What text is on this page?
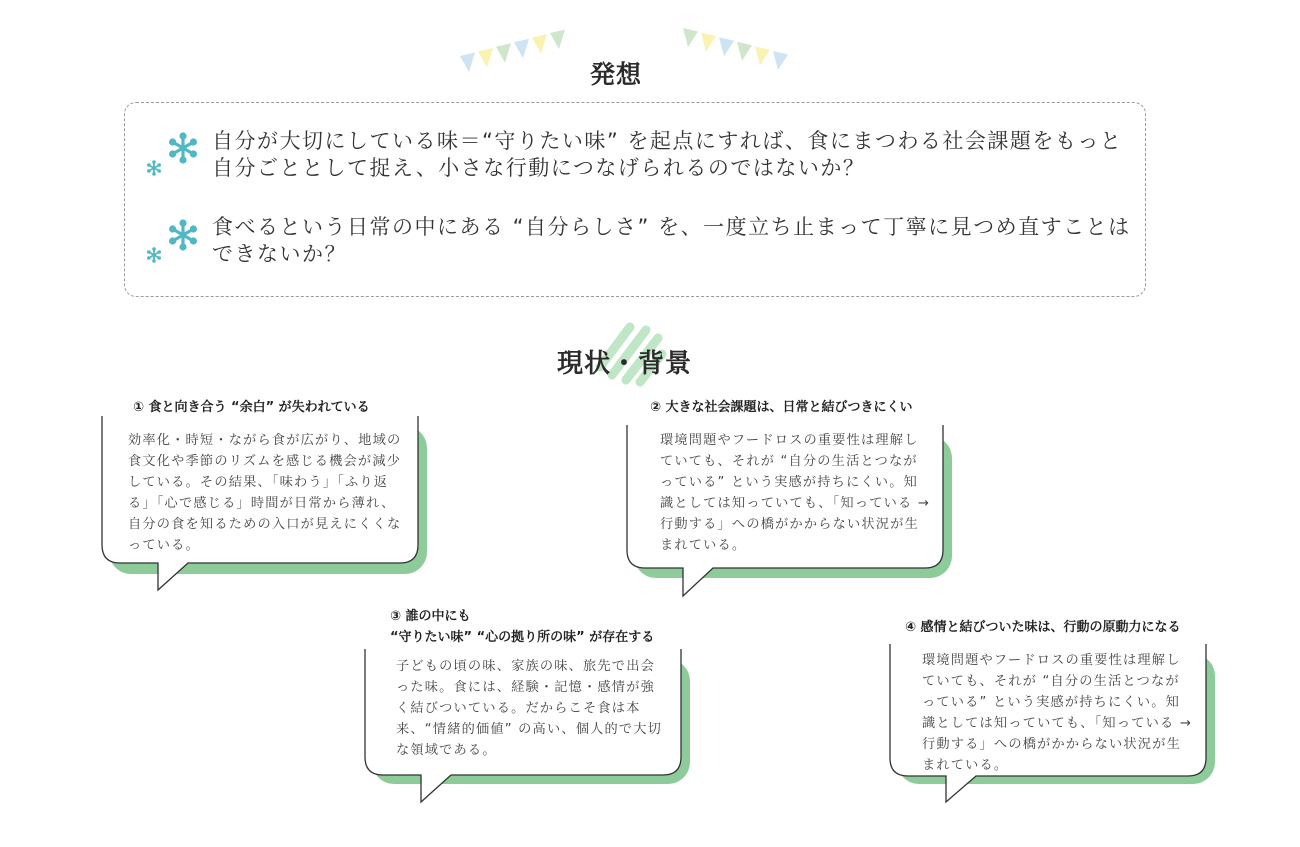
発想
自分が大切にしている味＝“守りたい味” を起点にすれば、食にまつわる社会課題をもっと自分ごととして捉え、小さな行動につなげられるのではないか？
食べるという日常の中にある “自分らしさ” を、一度立ち止まって丁寧に見つめ直すことはできないか？
現状・背景
① 食と向き合う “余白” が失われている
効率化・時短・ながら食が広がり、地域の食文化や季節のリズムを感じる機会が減少している。その結果、「味わう」「ふり返る」「心で感じる」時間が日常から薄れ、自分の食を知るための入口が見えにくくなっている。
② 大きな社会課題は、日常と結びつきにくい
環境問題やフードロスの重要性は理解していても、それが “自分の生活とつながっている” という実感が持ちにくい。知識としては知っていても、「知っている → 行動する」への橋がかからない状況が生まれている。
③ 誰の中にも
“守りたい味” “心の拠り所の味” が存在する
子どもの頃の味、家族の味、旅先で出会った味。食には、経験・記憶・感情が強く結びついている。だからこそ食は本来、“情緒的価値” の高い、個人的で大切な領域である。
④ 感情と結びついた味は、行動の原動力になる
環境問題やフードロスの重要性は理解していても、それが “自分の生活とつながっている” という実感が持ちにくい。知識としては知っていても、「知っている → 行動する」への橋がかからない状況が生まれている。
